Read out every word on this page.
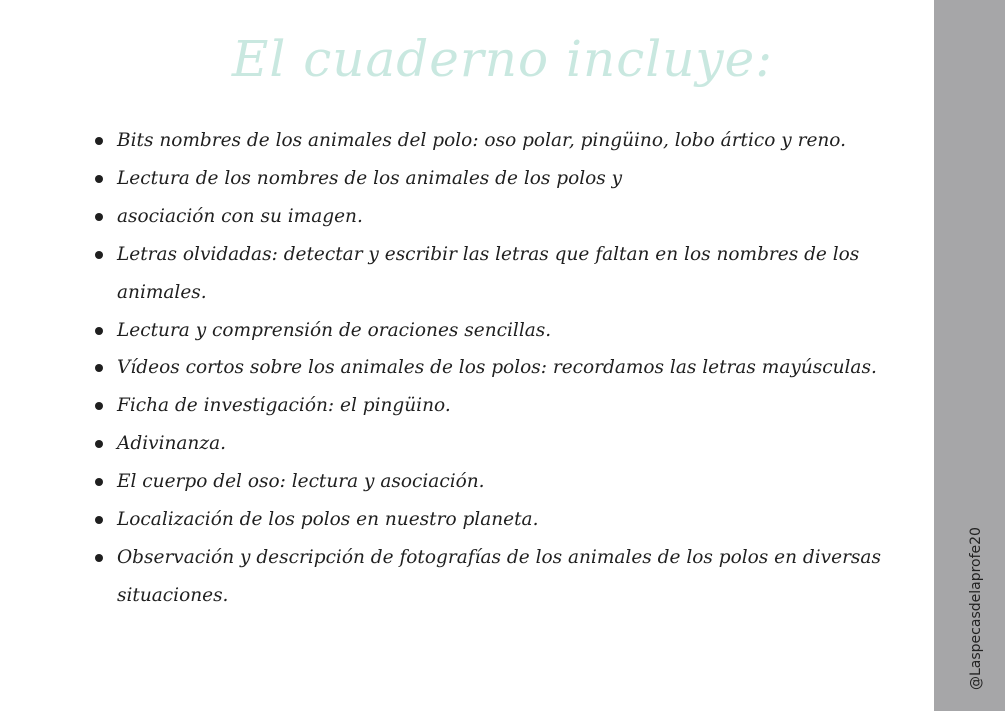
El cuaderno incluye:
Bits nombres de los animales del polo: oso polar, pingüino, lobo ártico y reno.
Lectura de los nombres de los animales de los polos y
asociación con su imagen.
Letras olvidadas: detectar y escribir las letras que faltan en los nombres de los animales.
Lectura y comprensión de oraciones sencillas.
Vídeos cortos sobre los animales de los polos: recordamos las letras mayúsculas.
Ficha de investigación: el pingüino.
Adivinanza.
El cuerpo del oso: lectura y asociación.
Localización de los polos en nuestro planeta.
Observación y descripción de fotografías de los animales de los polos en diversas situaciones.	@Laspecasdelaprofe20
